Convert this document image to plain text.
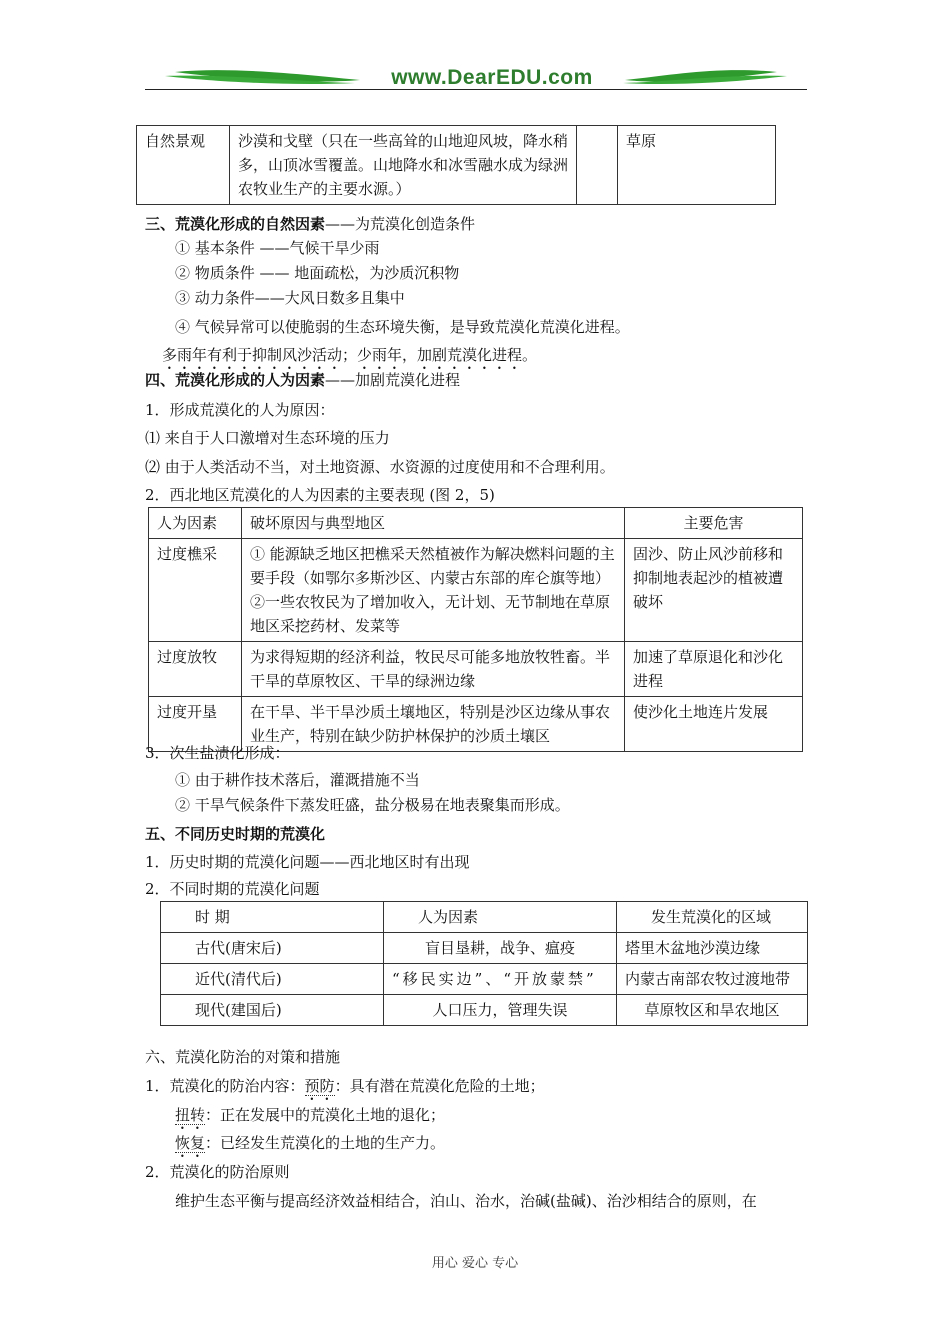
www.DearEDU.com
自然景观	沙漠和戈壁（只在一些高耸的山地迎风坡，降水稍多，山顶冰雪覆盖。山地降水和冰雪融水成为绿洲农牧业生产的主要水源。）		草原
三、荒漠化形成的自然因素——为荒漠化创造条件
① 基本条件 ——气候干旱少雨
② 物质条件 —— 地面疏松，为沙质沉积物
③ 动力条件——大风日数多且集中
④ 气候异常可以使脆弱的生态环境失衡，是导致荒漠化荒漠化进程。
多雨年有利于抑制风沙活动；少雨年，加剧荒漠化进程。
四、荒漠化形成的人为因素——加剧荒漠化进程
1．形成荒漠化的人为原因：
⑴ 来自于人口激增对生态环境的压力
⑵ 由于人类活动不当，对土地资源、水资源的过度使用和不合理利用。
2．西北地区荒漠化的人为因素的主要表现 (图 2，5)
人为因素	破坏原因与典型地区	主要危害
过度樵采	① 能源缺乏地区把樵采天然植被作为解决燃料问题的主要手段（如鄂尔多斯沙区、内蒙古东部的库仑旗等地）②一些农牧民为了增加收入，无计划、无节制地在草原地区采挖药材、发菜等	固沙、防止风沙前移和抑制地表起沙的植被遭破坏
过度放牧	为求得短期的经济利益，牧民尽可能多地放牧牲畜。半干旱的草原牧区、干旱的绿洲边缘	加速了草原退化和沙化进程
过度开垦	在干旱、半干旱沙质土壤地区，特别是沙区边缘从事农业生产，特别在缺少防护林保护的沙质土壤区	使沙化土地连片发展
3．次生盐渍化形成：
① 由于耕作技术落后，灌溉措施不当
② 干旱气候条件下蒸发旺盛，盐分极易在地表聚集而形成。
五、不同历史时期的荒漠化
1．历史时期的荒漠化问题——西北地区时有出现
2．不同时期的荒漠化问题
时 期	人为因素	发生荒漠化的区域
古代(唐宋后)	盲目垦耕，战争、瘟疫	塔里木盆地沙漠边缘
近代(清代后)	“移民实边”、“开放蒙禁”	内蒙古南部农牧过渡地带
现代(建国后)	人口压力，管理失误	草原牧区和旱农地区
六、荒漠化防治的对策和措施
1．荒漠化的防治内容：预防：具有潜在荒漠化危险的土地；
扭转：正在发展中的荒漠化土地的退化；
恢复：已经发生荒漠化的土地的生产力。
2．荒漠化的防治原则
维护生态平衡与提高经济效益相结合，泊山、治水，治碱(盐碱)、治沙相结合的原则，在
用心 爱心 专心
